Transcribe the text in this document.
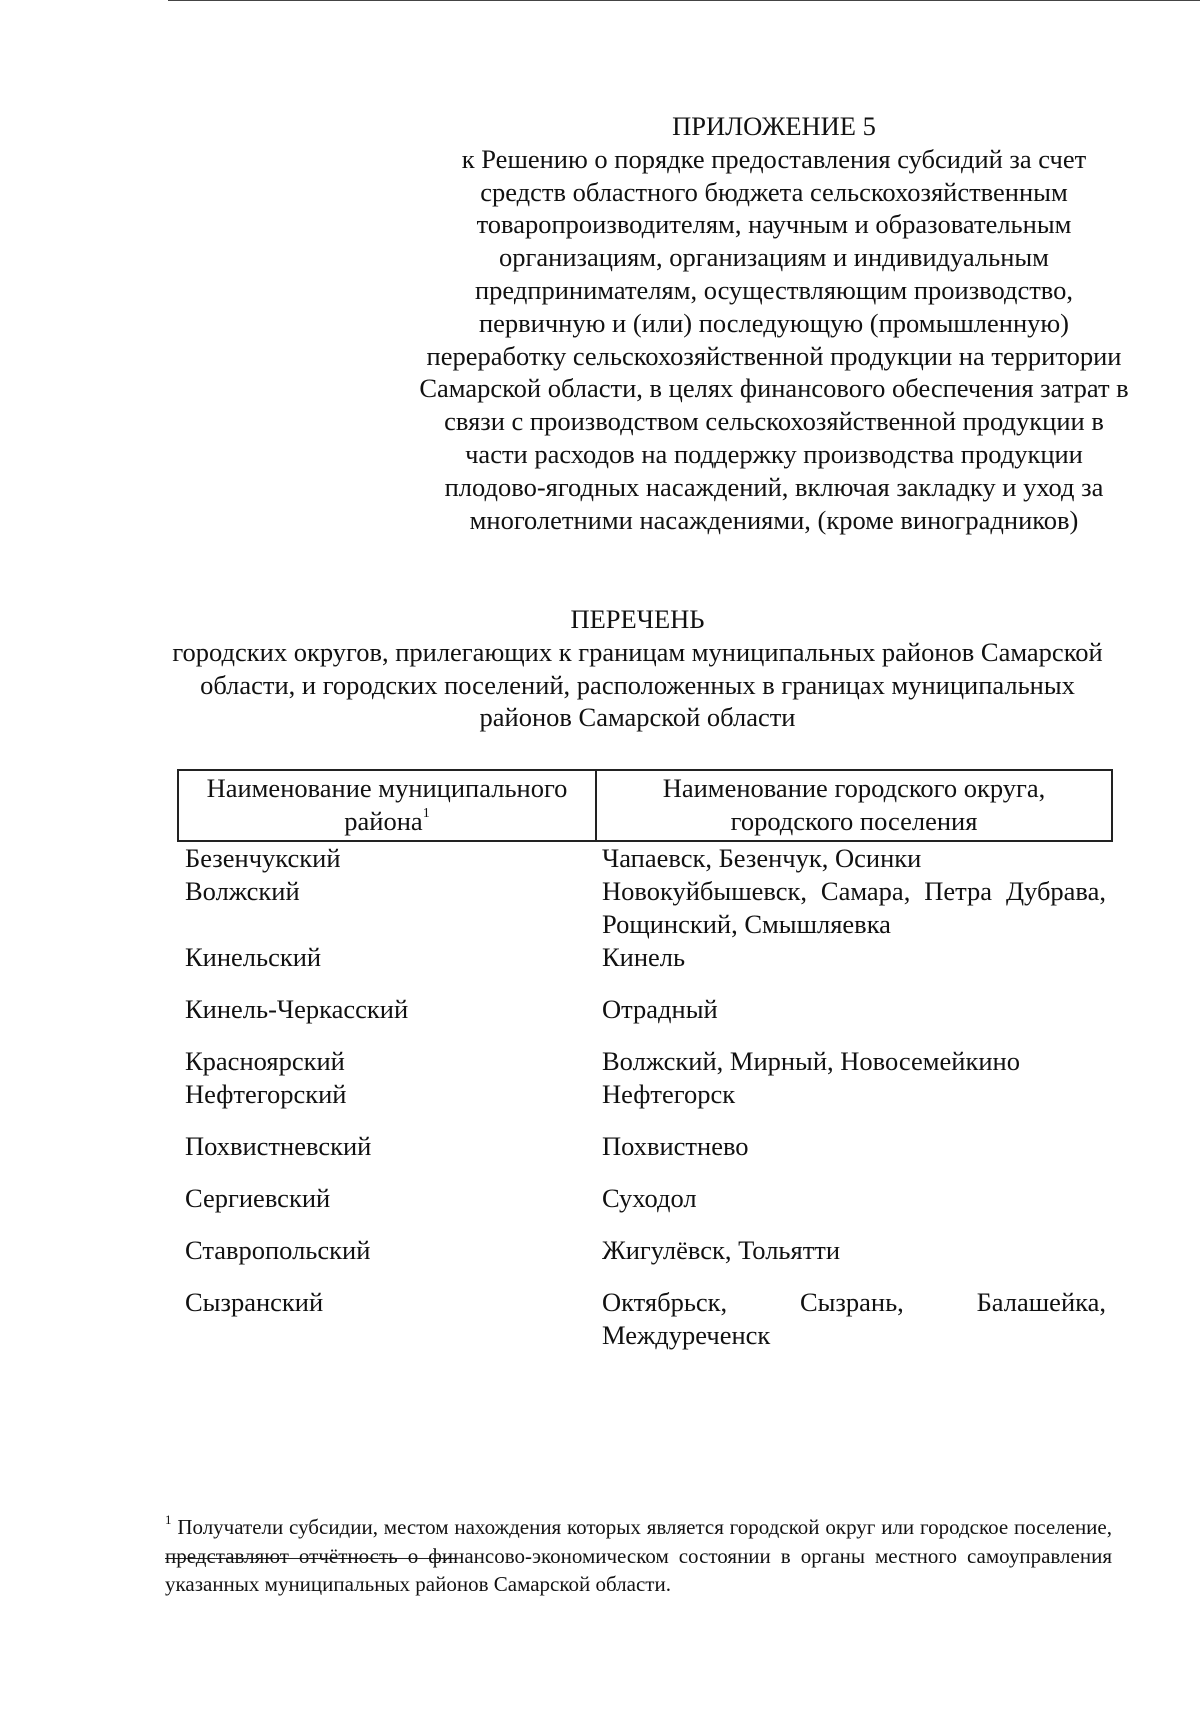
ПРИЛОЖЕНИЕ 5

к Решению о порядке предоставления субсидий за счет средств областного бюджета сельскохозяйственным товаропроизводителям, научным и образовательным организациям, организациям и индивидуальным предпринимателям, осуществляющим производство, первичную и (или) последующую (промышленную) переработку сельскохозяйственной продукции на территории Самарской области, в целях финансового обеспечения затрат в связи с производством сельскохозяйственной продукции в части расходов на поддержку производства продукции плодово-ягодных насаждений, включая закладку и уход за многолетними насаждениями, (кроме виноградников)

ПЕРЕЧЕНЬ

городских округов, прилегающих к границам муниципальных районов Самарской области, и городских поселений, расположенных в границах муниципальных районов Самарской области

Наименование муниципального района$^1$	Наименование городского округа, городского поселения
Безенчукский	Чапаевск, Безенчук, Осинки
Волжский	Новокуйбышевск, Самара, Петра Дубрава, Рощинский, Смышляевка
Кинельский	Кинель
Кинель-Черкасский	Отрадный
Красноярский	Волжский, Мирный, Новосемейкино
Нефтегорский	Нефтегорск
Похвистневский	Похвистнево
Сергиевский	Суходол
Ставропольский	Жигулёвск, Тольятти
Сызранский	Октябрьск, Сызрань, Балашейка, Междуреченск
$^1$ Получатели субсидии, местом нахождения которых является городской округ или городское поселение, представляют отчётность о финансово-экономическом состоянии в органы местного самоуправления указанных муниципальных районов Самарской области.
